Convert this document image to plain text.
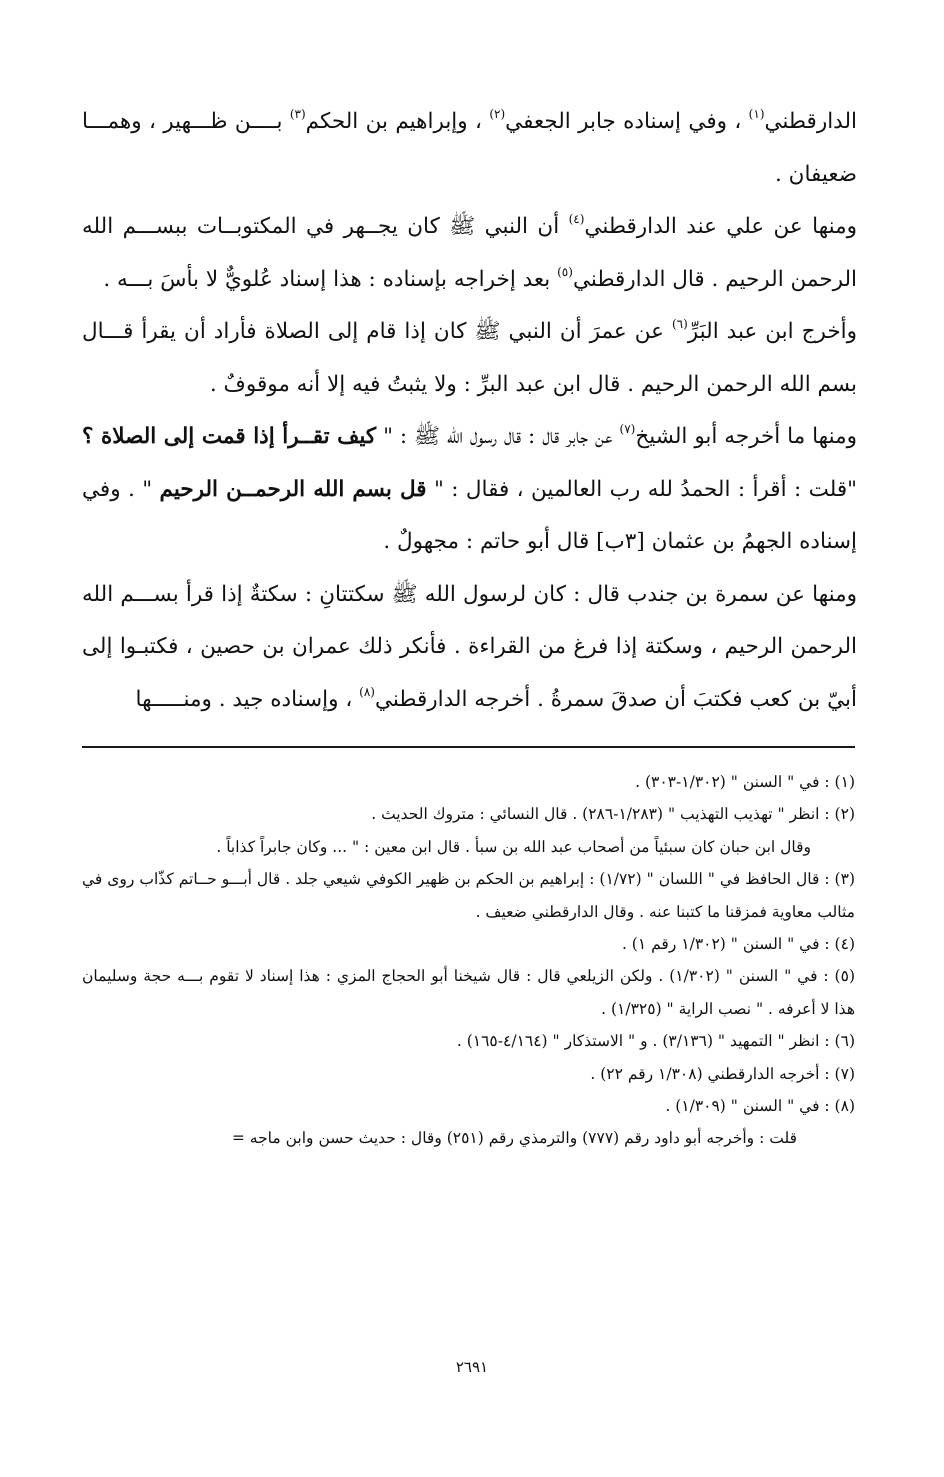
الدارقطني$^{(١)}$ ، وفي إسناده جابر الجعفي$^{(٢)}$ ، وإبراهيم بن الحكم$^{(٣)}$ بــــن ظـــهير ، وهمـــا ضعيفان .

ومنها عن علي عند الدارقطني$^{(٤)}$ أن النبي ﷺ كان يجــهر في المكتوبــات ببســـم الله الرحمن الرحيم . قال الدارقطني$^{(٥)}$ بعد إخراجه بإسناده : هذا إسناد عُلويٌّ لا بأسَ بـــه .

وأخرج ابن عبد البَرِّ$^{(٦)}$ عن عمرَ أن النبي ﷺ كان إذا قام إلى الصلاة فأراد أن يقرأ قـــال بسم الله الرحمن الرحيم . قال ابن عبد البرِّ : ولا يثبتُ فيه إلا أنه موقوفٌ .

ومنها ما أخرجه أبو الشيخ$^{(٧)}$ عن جابر قال : قال رسول الله ﷺ : " كيف تقــرأ إذا قمت إلى الصلاة ؟ "قلت : أقرأ : الحمدُ لله رب العالمين ، فقال : " قل بسم الله الرحمــن الرحيم " . وفي إسناده الجهمُ بن عثمان [٣ب] قال أبو حاتم : مجهولٌ .

ومنها عن سمرة بن جندب قال : كان لرسول الله ﷺ سكتتانِ : سكتةٌ إذا قرأ بســـم الله الرحمن الرحيم ، وسكتة إذا فرغ من القراءة . فأنكر ذلك عمران بن حصين ، فكتبـوا إلى أبيّ بن كعب فكتبَ أن صدقَ سمرةُ . أخرجه الدارقطني$^{(٨)}$ ، وإسناده جيد . ومنـــــها

(١) : في " السنن " (١/٣٠٢-٣٠٣) .

(٢) : انظر " تهذيب التهذيب " (١/٢٨٣-٢٨٦) . قال النسائي : متروك الحديث .

وقال ابن حبان كان سبئياً من أصحاب عبد الله بن سبأ . قال ابن معين : " ... وكان جابراً كذاباً .

(٣) : قال الحافظ في " اللسان " (١/٧٢) : إبراهيم بن الحكم بن ظهير الكوفي شيعي جلد . قال أبـــو حــاتم كذّاب روى في مثالب معاوية فمزقنا ما كتبنا عنه . وقال الدارقطني ضعيف .

(٤) : في " السنن " (١/٣٠٢ رقم ١) .

(٥) : في " السنن " (١/٣٠٢) . ولكن الزيلعي قال : قال شيخنا أبو الحجاج المزي : هذا إسناد لا تقوم بـــه حجة وسليمان هذا لا أعرفه . " نصب الراية " (١/٣٢٥) .

(٦) : انظر " التمهيد " (٣/١٣٦) . و " الاستذكار " (٤/١٦٤-١٦٥) .

(٧) : أخرجه الدارقطني (١/٣٠٨ رقم ٢٢) .

(٨) : في " السنن " (١/٣٠٩) .

قلت : وأخرجه أبو داود رقم (٧٧٧) والترمذي رقم (٢٥١) وقال : حديث حسن وابن ماجه =

٢٦٩١
